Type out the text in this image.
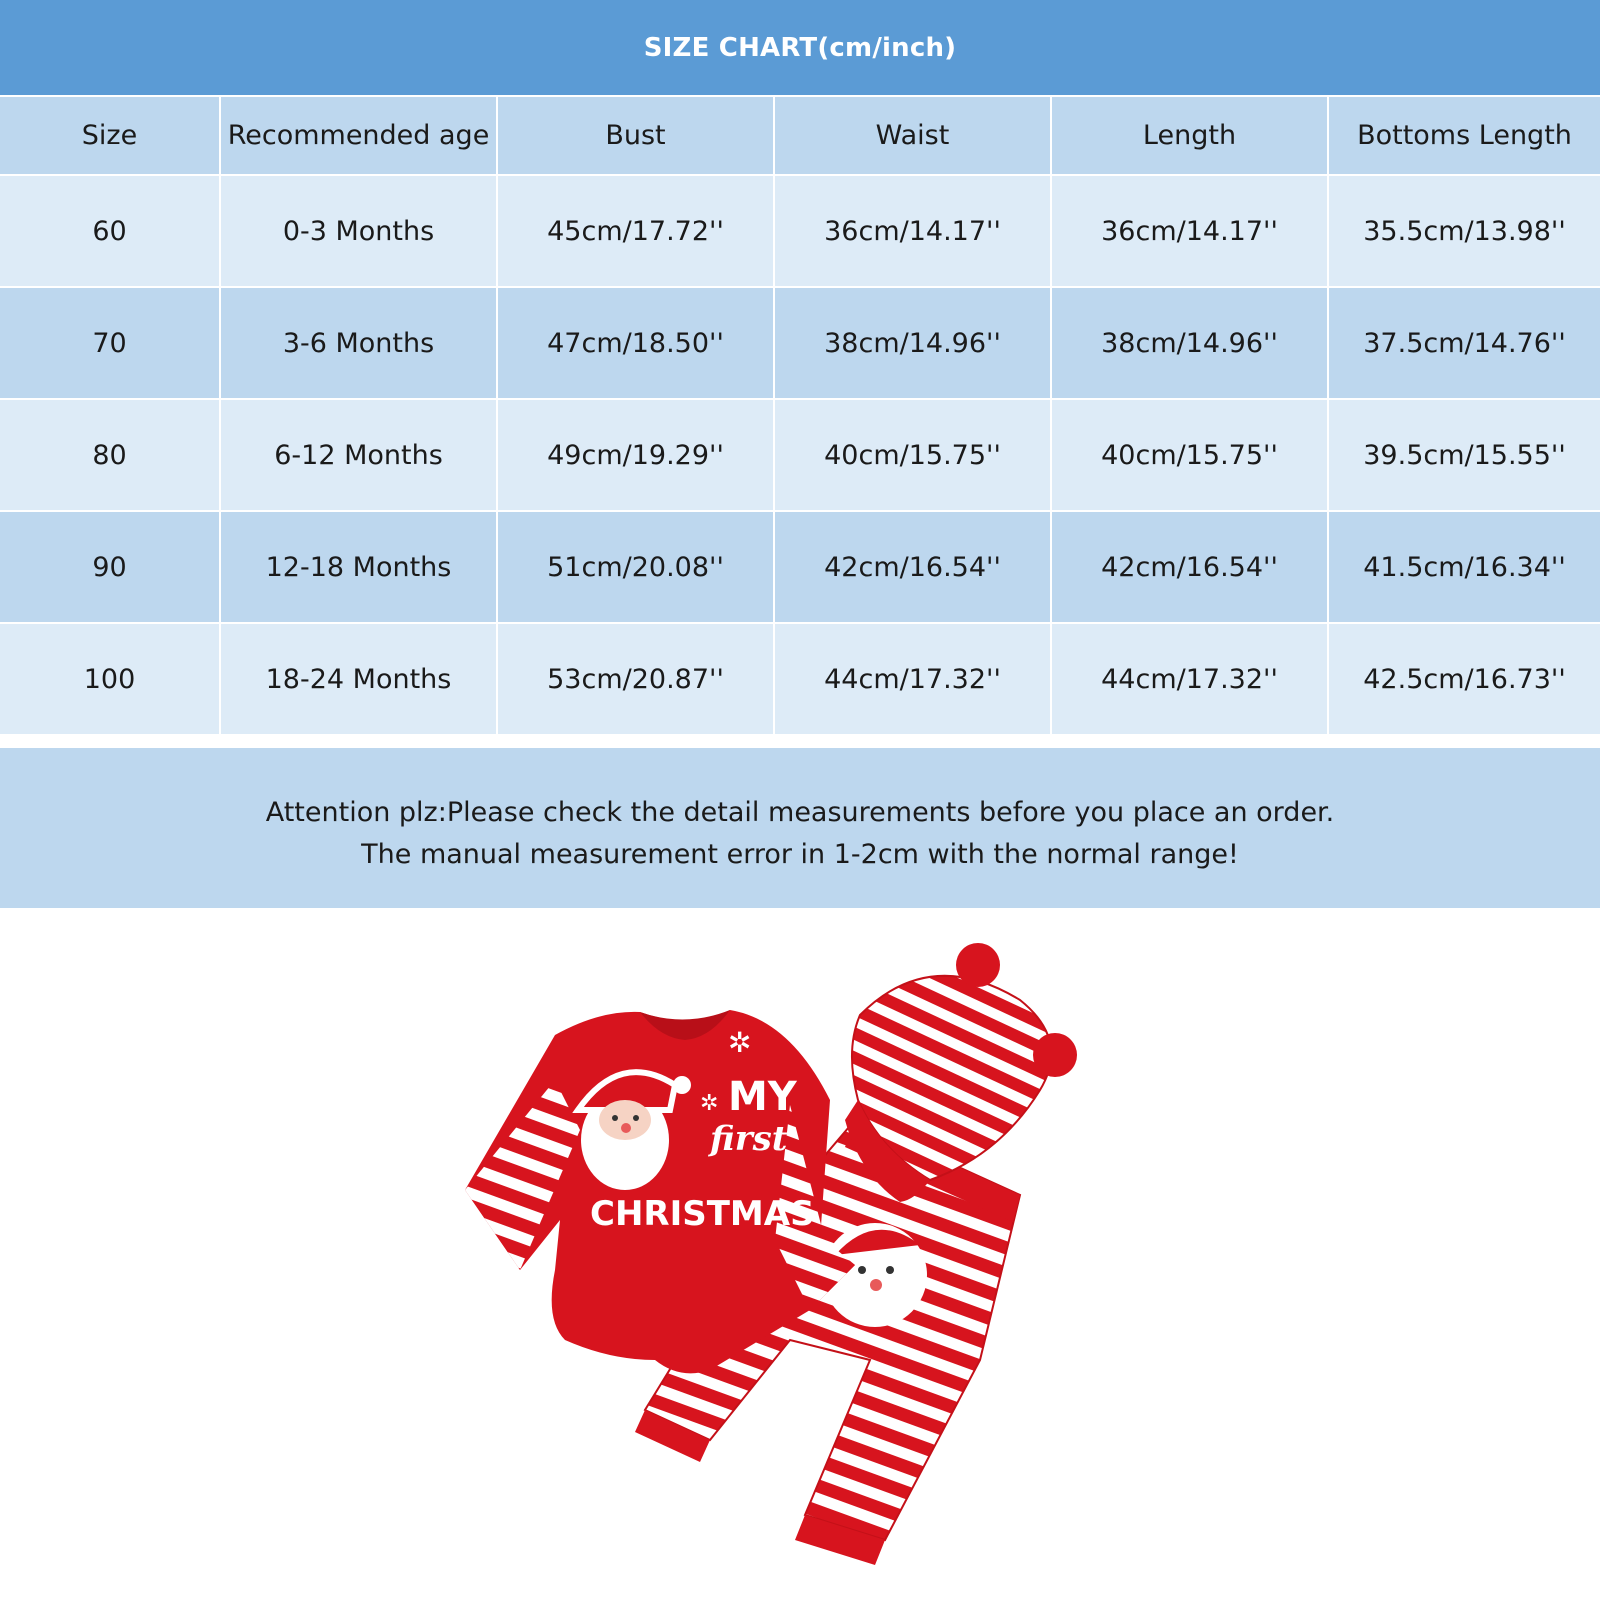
SIZE CHART(cm/inch)
Size	Recommended age	Bust	Waist	Length	Bottoms Length
60	0-3 Months	45cm/17.72''	36cm/14.17''	36cm/14.17''	35.5cm/13.98''
70	3-6 Months	47cm/18.50''	38cm/14.96''	38cm/14.96''	37.5cm/14.76''
80	6-12 Months	49cm/19.29''	40cm/15.75''	40cm/15.75''	39.5cm/15.55''
90	12-18 Months	51cm/20.08''	42cm/16.54''	42cm/16.54''	41.5cm/16.34''
100	18-24 Months	53cm/20.87''	44cm/17.32''	44cm/17.32''	42.5cm/16.73''
Attention plz:Please check the detail measurements before you place an order.
The manual measurement error in 1-2cm with the normal range!
MY
first
CHRISTMAS
✲
✲
